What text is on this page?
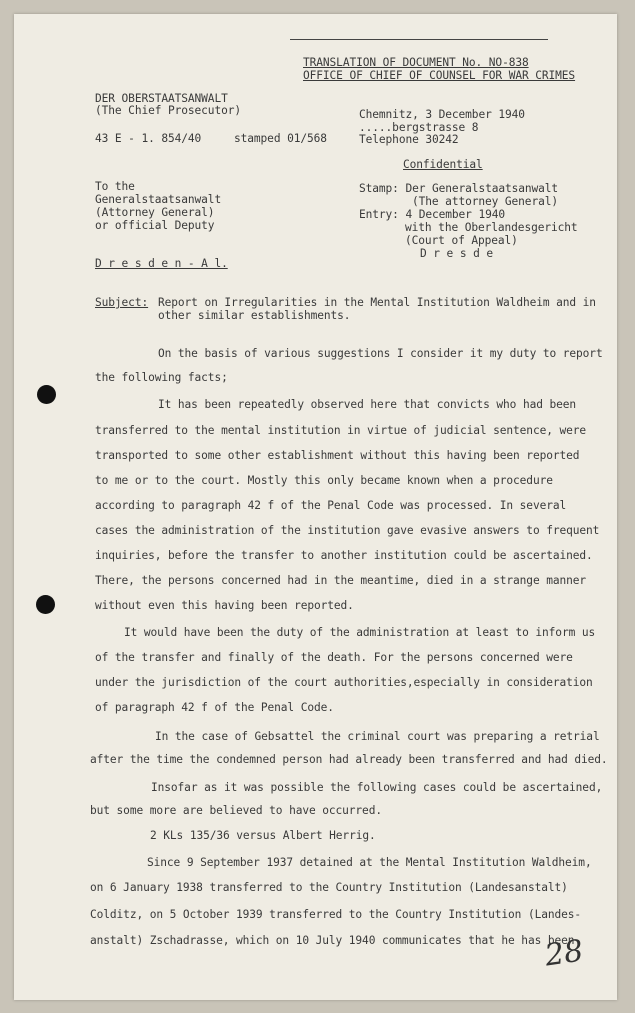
TRANSLATION OF DOCUMENT No. NO-838
OFFICE OF CHIEF OF COUNSEL FOR WAR CRIMES
DER OBERSTAATSANWALT
(The Chief Prosecutor)
43 E - 1. 854/40	stamped 01/568
Chemnitz, 3 December 1940
.....bergstrasse 8
Telephone 30242
Confidential
To the
Generalstaatsanwalt
(Attorney General)
or official Deputy
D r e s d e n - A l.
Stamp: Der Generalstaatsanwalt
(The attorney General)
Entry: 4 December 1940
with the Oberlandesgericht
(Court of Appeal)
D r e s d e
Subject: Report on Irregularities in the Mental Institution Waldheim and in
other similar establishments.
On the basis of various suggestions I consider it my duty to report
the following facts;
It has been repeatedly observed here that convicts who had been
transferred to the mental institution in virtue of judicial sentence, were
transported to some other establishment without this having been reported
to me or to the court. Mostly this only became known when a procedure
according to paragraph 42 f of the Penal Code was processed. In several
cases the administration of the institution gave evasive answers to frequent
inquiries, before the transfer to another institution could be ascertained.
There, the persons concerned had in the meantime, died in a strange manner
without even this having been reported.
It would have been the duty of the administration at least to inform us
of the transfer and finally of the death. For the persons concerned were
under the jurisdiction of the court authorities,especially in consideration
of paragraph 42 f of the Penal Code.
In the case of Gebsattel the criminal court was preparing a retrial
after the time the condemned person had already been transferred and had died.
Insofar as it was possible the following cases could be ascertained,
but some more are believed to have occurred.
2 KLs 135/36 versus Albert Herrig.
Since 9 September 1937 detained at the Mental Institution Waldheim,
on 6 January 1938 transferred to the Country Institution (Landesanstalt)
Colditz, on 5 October 1939 transferred to the Country Institution (Landes-
anstalt) Zschadrasse, which on 10 July 1940 communicates that he has been
28
